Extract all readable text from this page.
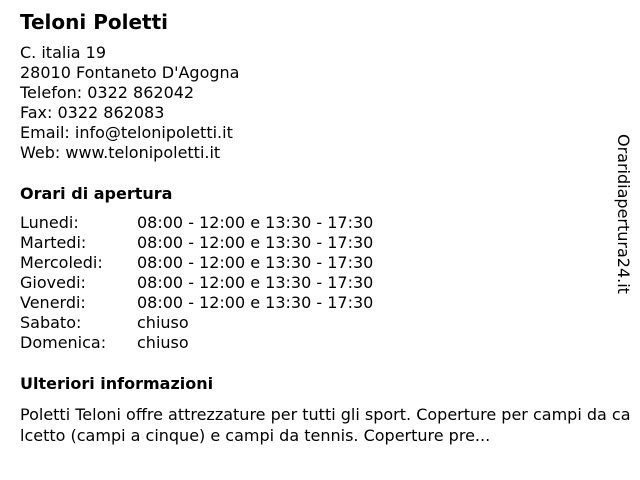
Teloni Poletti
C. italia 19
28010 Fontaneto D'Agogna
Telefon: 0322 862042
Fax: 0322 862083
Email: info@telonipoletti.it
Web: www.telonipoletti.it
Orari di apertura
Lunedi:	08:00 - 12:00 e 13:30 - 17:30
Martedi:	08:00 - 12:00 e 13:30 - 17:30
Mercoledi: 08:00 - 12:00 e 13:30 - 17:30
Giovedi:	08:00 - 12:00 e 13:30 - 17:30
Venerdi:	08:00 - 12:00 e 13:30 - 17:30
Sabato:	chiuso
Domenica: chiuso
Ulteriori informazioni
Poletti Teloni offre attrezzature per tutti gli sport. Coperture per campi da calcetto (campi a cinque) e campi da tennis. Coperture pre...
Oraridiapertura24.it
